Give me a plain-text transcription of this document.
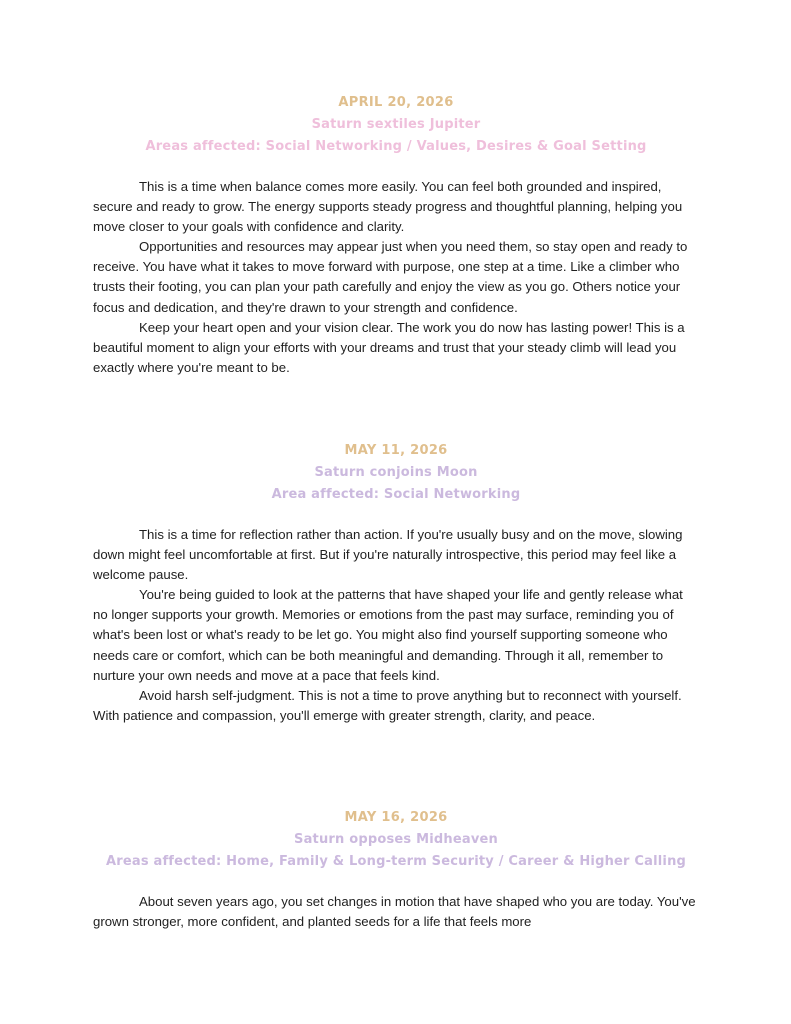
APRIL 20, 2026
Saturn sextiles Jupiter
Areas affected: Social Networking / Values, Desires & Goal Setting

This is a time when balance comes more easily. You can feel both grounded and inspired, secure and ready to grow. The energy supports steady progress and thoughtful planning, helping you move closer to your goals with confidence and clarity.

Opportunities and resources may appear just when you need them, so stay open and ready to receive. You have what it takes to move forward with purpose, one step at a time. Like a climber who trusts their footing, you can plan your path carefully and enjoy the view as you go. Others notice your focus and dedication, and they're drawn to your strength and confidence.

Keep your heart open and your vision clear. The work you do now has lasting power! This is a beautiful moment to align your efforts with your dreams and trust that your steady climb will lead you exactly where you're meant to be.

MAY 11, 2026
Saturn conjoins Moon
Area affected: Social Networking

This is a time for reflection rather than action. If you're usually busy and on the move, slowing down might feel uncomfortable at first. But if you're naturally introspective, this period may feel like a welcome pause.

You're being guided to look at the patterns that have shaped your life and gently release what no longer supports your growth. Memories or emotions from the past may surface, reminding you of what's been lost or what's ready to be let go. You might also find yourself supporting someone who needs care or comfort, which can be both meaningful and demanding. Through it all, remember to nurture your own needs and move at a pace that feels kind.

Avoid harsh self-judgment. This is not a time to prove anything but to reconnect with yourself. With patience and compassion, you'll emerge with greater strength, clarity, and peace.

MAY 16, 2026
Saturn opposes Midheaven
Areas affected: Home, Family & Long-term Security / Career & Higher Calling

About seven years ago, you set changes in motion that have shaped who you are today. You've grown stronger, more confident, and planted seeds for a life that feels more
